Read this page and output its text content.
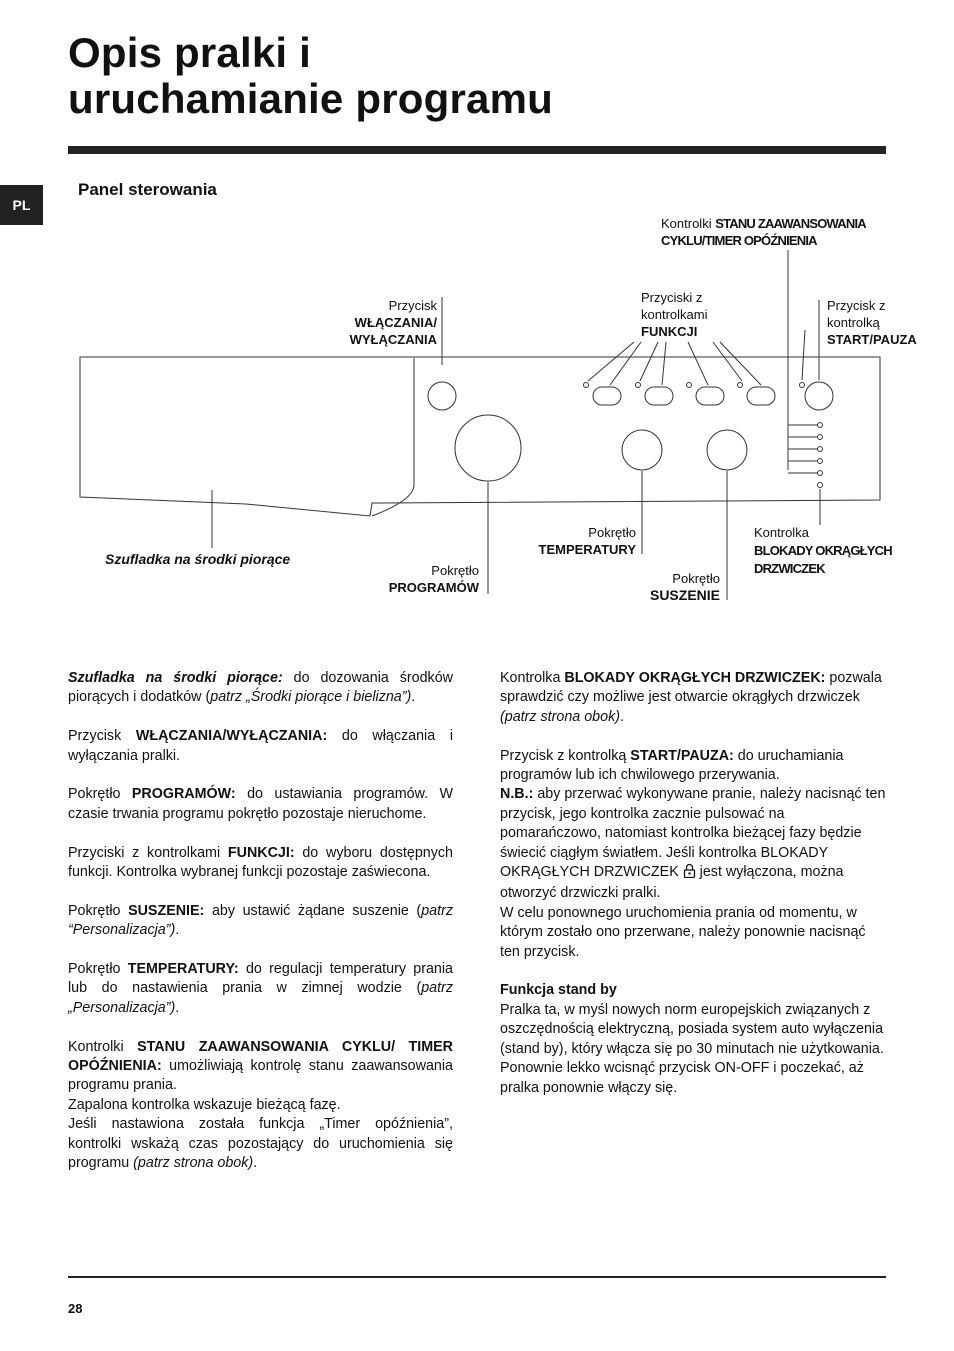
Opis pralki i
uruchamianie programu
PL
Panel sterowania
Kontrolki STANU ZAAWANSOWANIA
CYKLU/TIMER OPÓŹNIENIA
Przycisk
WŁĄCZANIA/
WYŁĄCZANIA
Przyciski z
kontrolkami
FUNKCJI
Przycisk z
kontrolką
START/PAUZA
Szufladka na środki piorące
Pokrętło
PROGRAMÓW
Pokrętło
TEMPERATURY
Pokrętło
SUSZENIE
Kontrolka
BLOKADY OKRĄGŁYCH
DRZWICZEK

Szufladka na środki piorące: do dozowania środków piorących i dodatków (patrz „Środki piorące i bielizna”).

Przycisk WŁĄCZANIA/WYŁĄCZANIA: do włączania i wyłączania pralki.

Pokrętło PROGRAMÓW: do ustawiania programów. W czasie trwania programu pokrętło pozostaje nieruchome.

Przyciski z kontrolkami FUNKCJI: do wyboru dostępnych funkcji. Kontrolka wybranej funkcji pozostaje zaświecona.

Pokrętło SUSZENIE: aby ustawić żądane suszenie (patrz “Personalizacja”).

Pokrętło TEMPERATURY: do regulacji temperatury prania lub do nastawienia prania w zimnej wodzie (patrz „Personalizacja”).

Kontrolki STANU ZAAWANSOWANIA CYKLU/ TIMER OPÓŹNIENIA: umożliwiają kontrolę stanu zaawansowania programu prania.

Zapalona kontrolka wskazuje bieżącą fazę.
Jeśli nastawiona została funkcja „Timer opóźnienia”, kontrolki wskażą czas pozostający do uruchomienia się programu (patrz strona obok).

Kontrolka BLOKADY OKRĄGŁYCH DRZWICZEK: pozwala sprawdzić czy możliwe jest otwarcie okrągłych drzwiczek (patrz strona obok).

Przycisk z kontrolką START/PAUZA: do uruchamiania programów lub ich chwilowego przerywania.

N.B.: aby przerwać wykonywane pranie, należy nacisnąć ten przycisk, jego kontrolka zacznie pulsować na pomarańczowo, natomiast kontrolka bieżącej fazy będzie świecić ciągłym światłem. Jeśli kontrolka BLOKADY OKRĄGŁYCH DRZWICZEK  jest wyłączona, można otworzyć drzwiczki pralki.

W celu ponownego uruchomienia prania od momentu, w którym zostało ono przerwane, należy ponownie nacisnąć ten przycisk.

Funkcja stand by
Pralka ta, w myśl nowych norm europejskich związanych z oszczędnością elektryczną, posiada system auto wyłączenia (stand by), który włącza się po 30 minutach nie użytkowania. Ponownie lekko wcisnąć przycisk ON-OFF i poczekać, aż pralka ponownie włączy się.
28
